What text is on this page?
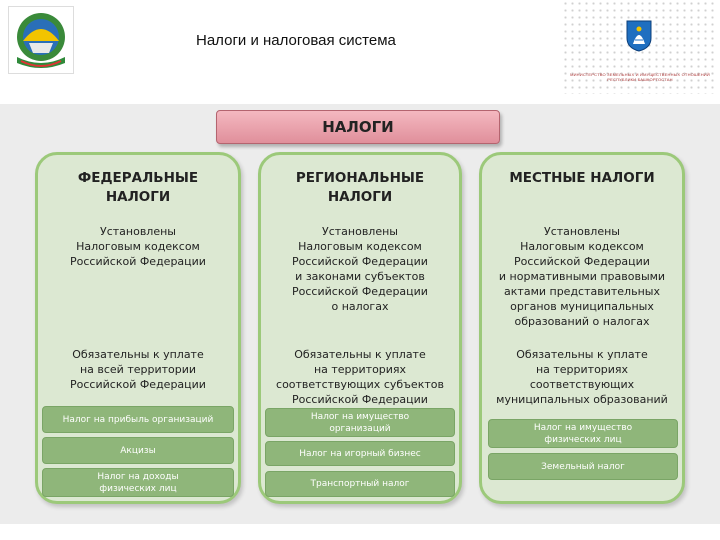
Налоги и налоговая система
МИНИСТЕРСТВО ЗЕМЕЛЬНЫХ И ИМУЩЕСТВЕННЫХ ОТНОШЕНИЙ
РЕСПУБЛИКИ БАШКОРТОСТАН
НАЛОГИ
ФЕДЕРАЛЬНЫЕ
НАЛОГИ
Установлены
Налоговым кодексом
Российской Федерации
Обязательны к уплате
на всей территории
Российской Федерации
Налог на прибыль организаций
Акцизы
Налог на доходы
физических лиц
РЕГИОНАЛЬНЫЕ
НАЛОГИ
Установлены
Налоговым кодексом
Российской Федерации
и законами субъектов
Российской Федерации
о налогах
Обязательны к уплате
на территориях
соответствующих субъектов
Российской Федерации
Налог на имущество
организаций
Налог на игорный бизнес
Транспортный налог
МЕСТНЫЕ НАЛОГИ
Установлены
Налоговым кодексом
Российской Федерации
и нормативными правовыми
актами представительных
органов муниципальных
образований о налогах
Обязательны к уплате
на территориях
соответствующих
муниципальных образований
Налог на имущество
физических лиц
Земельный налог
